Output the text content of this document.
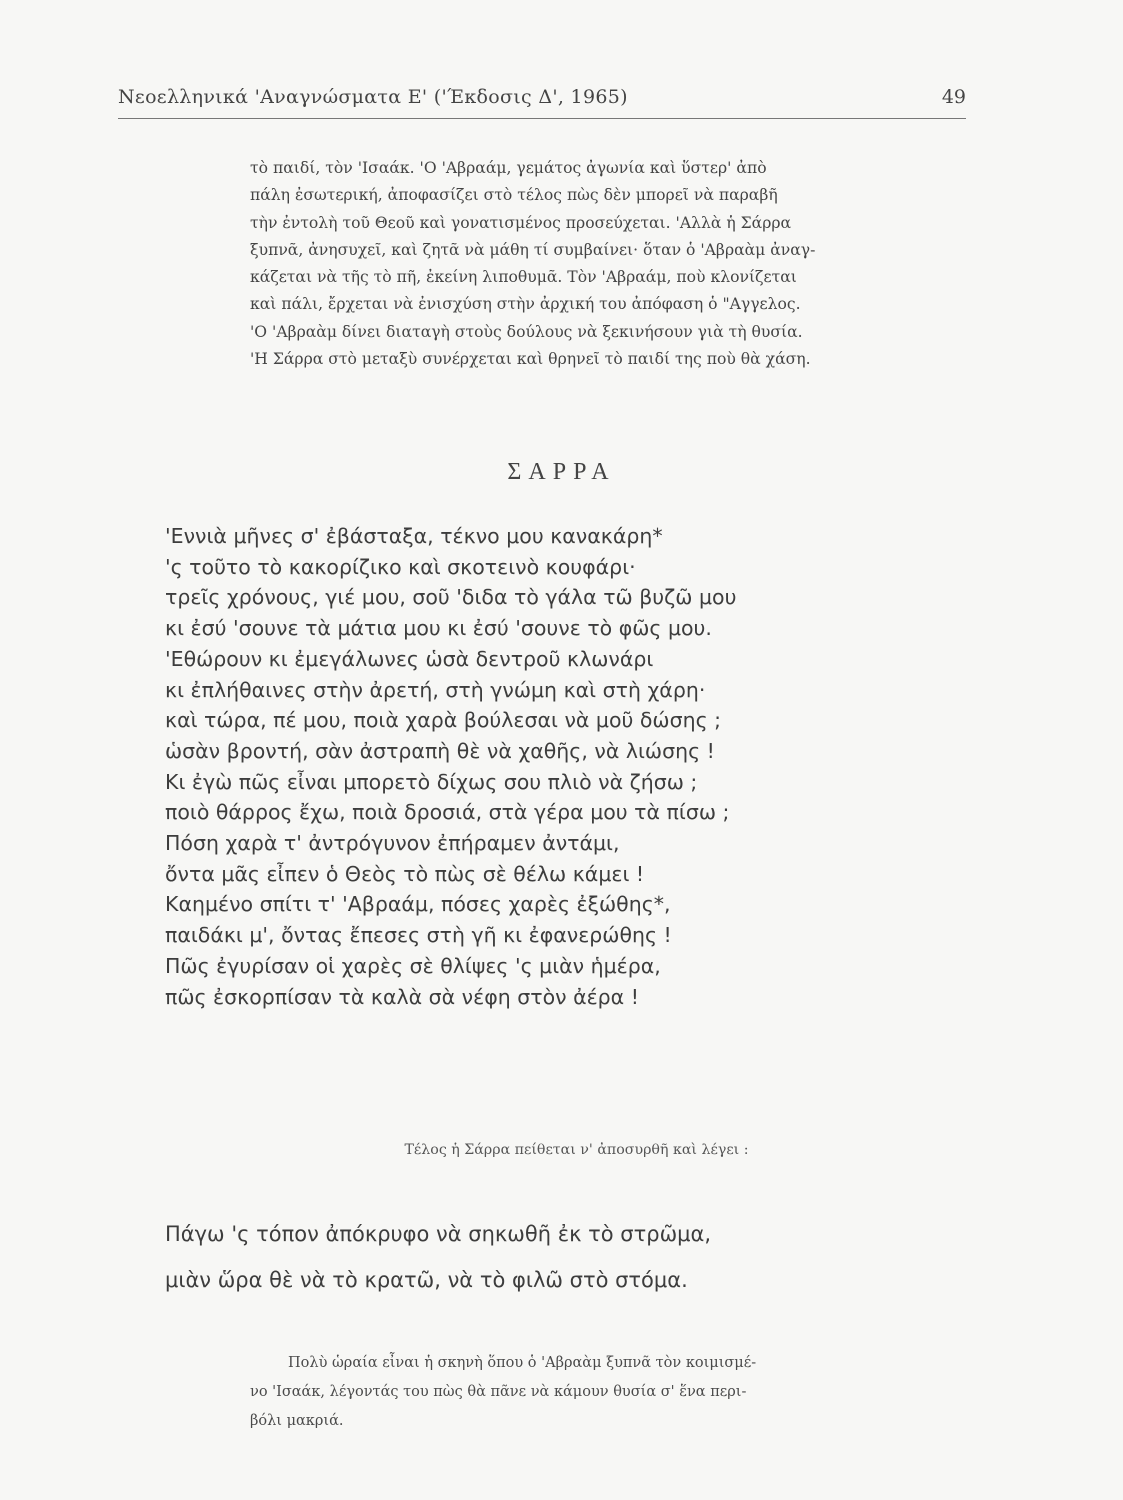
Νεοελληνικά 'Αναγνώσματα Ε' ('Έκδοσις Δ', 1965)	49
τὸ παιδί, τὸν 'Ισαάκ. 'Ο 'Αβραάμ, γεμάτος ἀγωνία καὶ ὕστερ' ἀπὸ
πάλη ἐσωτερική, ἀποφασίζει στὸ τέλος πὼς δὲν μπορεῖ νὰ παραβῆ
τὴν ἐντολὴ τοῦ Θεοῦ καὶ γονατισμένος προσεύχεται. 'Αλλὰ ἡ Σάρρα
ξυπνᾶ, ἀνησυχεῖ, καὶ ζητᾶ νὰ μάθη τί συμβαίνει· ὅταν ὁ 'Αβραὰμ ἀναγ-
κάζεται νὰ τῆς τὸ πῆ, ἐκείνη λιποθυμᾶ. Τὸν 'Αβραάμ, ποὺ κλονίζεται
καὶ πάλι, ἔρχεται νὰ ἐνισχύση στὴν ἀρχική του ἀπόφαση ὁ "Αγγελος.
'Ο 'Αβραὰμ δίνει διαταγὴ στοὺς δούλους νὰ ξεκινήσουν γιὰ τὴ θυσία.
'Η Σάρρα στὸ μεταξὺ συνέρχεται καὶ θρηνεῖ τὸ παιδί της ποὺ θὰ χάση.
ΣΑΡΡΑ
'Εννιὰ μῆνες σ' ἐβάσταξα, τέκνο μου κανακάρη*
'ς τοῦτο τὸ κακορίζικο καὶ σκοτεινὸ κουφάρι·
τρεῖς χρόνους, γιέ μου, σοῦ 'διδα τὸ γάλα τῶ βυζῶ μου
κι ἐσύ 'σουνε τὰ μάτια μου κι ἐσύ 'σουνε τὸ φῶς μου.
'Εθώρουν κι ἐμεγάλωνες ὡσὰ δεντροῦ κλωνάρι
κι ἐπλήθαινες στὴν ἀρετή, στὴ γνώμη καὶ στὴ χάρη·
καὶ τώρα, πέ μου, ποιὰ χαρὰ βούλεσαι νὰ μοῦ δώσης ;
ὡσὰν βροντή, σὰν ἀστραπὴ θὲ νὰ χαθῆς, νὰ λιώσης !
Κι ἐγὼ πῶς εἶναι μπορετὸ δίχως σου πλιὸ νὰ ζήσω ;
ποιὸ θάρρος ἔχω, ποιὰ δροσιά, στὰ γέρα μου τὰ πίσω ;
Πόση χαρὰ τ' ἀντρόγυνον ἐπήραμεν ἀντάμι,
ὄντα μᾶς εἶπεν ὁ Θεὸς τὸ πὼς σὲ θέλω κάμει !
Καημένο σπίτι τ' 'Αβραάμ, πόσες χαρὲς ἐξώθης*,
παιδάκι μ', ὄντας ἔπεσες στὴ γῆ κι ἐφανερώθης !
Πῶς ἐγυρίσαν οἱ χαρὲς σὲ θλίψες 'ς μιὰν ἡμέρα,
πῶς ἐσκορπίσαν τὰ καλὰ σὰ νέφη στὸν ἀέρα !
Τέλος ἡ Σάρρα πείθεται ν' ἀποσυρθῆ καὶ λέγει :
Πάγω 'ς τόπον ἀπόκρυφο νὰ σηκωθῆ ἐκ τὸ στρῶμα,
μιὰν ὥρα θὲ νὰ τὸ κρατῶ, νὰ τὸ φιλῶ στὸ στόμα.
Πολὺ ὡραία εἶναι ἡ σκηνὴ ὅπου ὁ 'Αβραὰμ ξυπνᾶ τὸν κοιμισμέ-
νο 'Ισαάκ, λέγοντάς του πὼς θὰ πᾶνε νὰ κάμουν θυσία σ' ἕνα περι-
βόλι μακριά.
